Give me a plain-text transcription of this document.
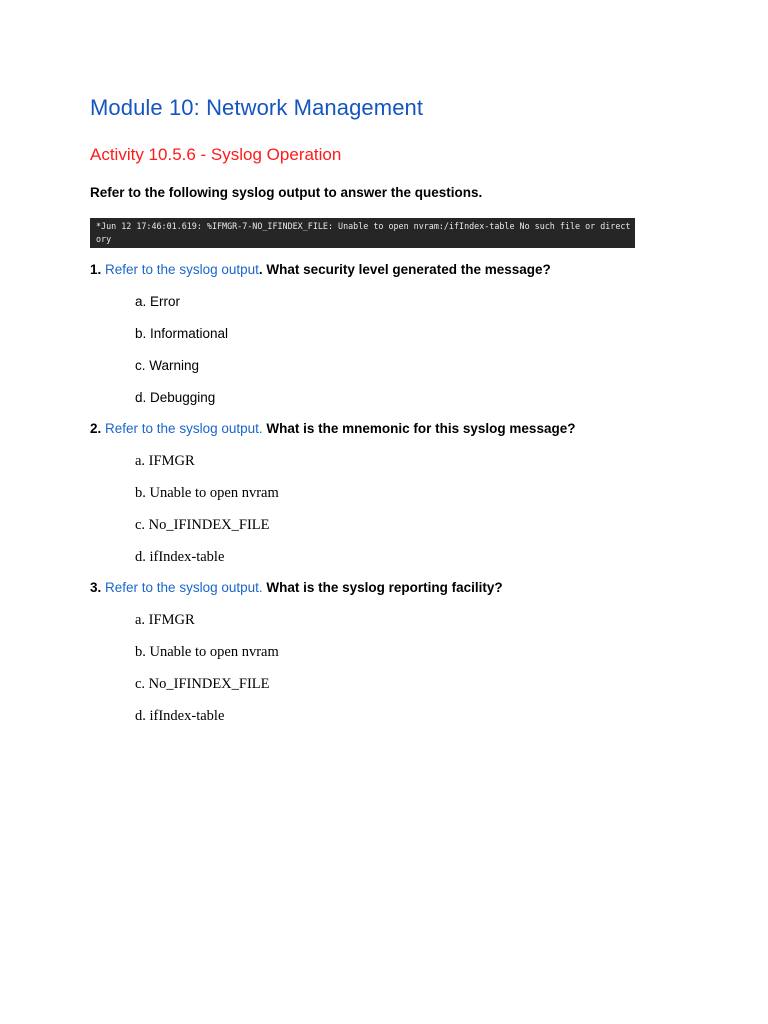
Module 10: Network Management
Activity 10.5.6 - Syslog Operation

Refer to the following syslog output to answer the questions.

*Jun 12 17:46:01.619: %IFMGR-7-NO_IFINDEX_FILE: Unable to open nvram:/ifIndex-table No such file or directory

1. Refer to the syslog output. What security level generated the message?

a. Error

b. Informational

c. Warning

d. Debugging

2. Refer to the syslog output. What is the mnemonic for this syslog message?

a. IFMGR

b. Unable to open nvram

c. No_IFINDEX_FILE

d. ifIndex-table

3. Refer to the syslog output. What is the syslog reporting facility?

a. IFMGR

b. Unable to open nvram

c. No_IFINDEX_FILE

d. ifIndex-table
